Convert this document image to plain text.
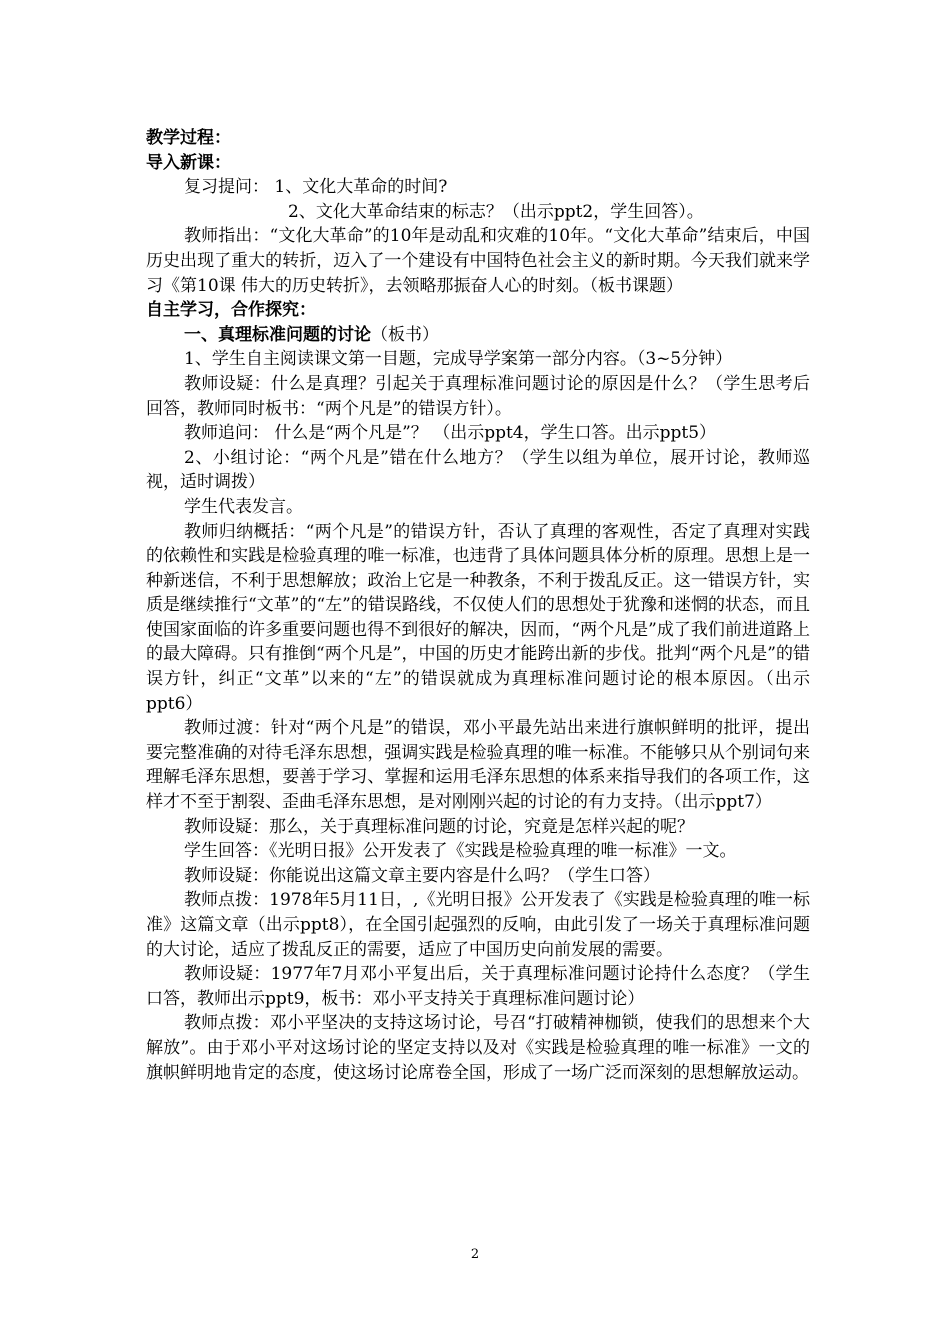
教学过程：

导入新课：

复习提问： 1、文化大革命的时间?

2、文化大革命结束的标志？（出示ppt2，学生回答）。

教师指出：“文化大革命”的10年是动乱和灾难的10年。“文化大革命”结束后，中国历史出现了重大的转折，迈入了一个建设有中国特色社会主义的新时期。今天我们就来学习《第10课 伟大的历史转折》，去领略那振奋人心的时刻。（板书课题）

自主学习，合作探究：

一、真理标准问题的讨论（板书）

1、学生自主阅读课文第一目题，完成导学案第一部分内容。（3~5分钟）

教师设疑：什么是真理？引起关于真理标准问题讨论的原因是什么？（学生思考后回答，教师同时板书：“两个凡是”的错误方针）。

教师追问： 什么是“两个凡是”？ （出示ppt4，学生口答。出示ppt5）

2、小组讨论：“两个凡是”错在什么地方？（学生以组为单位，展开讨论，教师巡视，适时调拨）

学生代表发言。

教师归纳概括：“两个凡是”的错误方针，否认了真理的客观性，否定了真理对实践的依赖性和实践是检验真理的唯一标准，也违背了具体问题具体分析的原理。思想上是一种新迷信，不利于思想解放；政治上它是一种教条，不利于拨乱反正。这一错误方针，实质是继续推行“文革”的“左”的错误路线，不仅使人们的思想处于犹豫和迷惘的状态，而且使国家面临的许多重要问题也得不到很好的解决，因而，“两个凡是”成了我们前进道路上的最大障碍。只有推倒“两个凡是”，中国的历史才能跨出新的步伐。批判“两个凡是”的错误方针，纠正“文革”以来的“左”的错误就成为真理标准问题讨论的根本原因。（出示ppt6）

教师过渡：针对“两个凡是”的错误，邓小平最先站出来进行旗帜鲜明的批评，提出要完整准确的对待毛泽东思想，强调实践是检验真理的唯一标准。不能够只从个别词句来理解毛泽东思想，要善于学习、掌握和运用毛泽东思想的体系来指导我们的各项工作，这样才不至于割裂、歪曲毛泽东思想，是对刚刚兴起的讨论的有力支持。（出示ppt7）

教师设疑：那么，关于真理标准问题的讨论，究竟是怎样兴起的呢？

学生回答：《光明日报》公开发表了《实践是检验真理的唯一标准》一文。

教师设疑：你能说出这篇文章主要内容是什么吗？（学生口答）

教师点拨：1978年5月11日，,《光明日报》公开发表了《实践是检验真理的唯一标准》这篇文章（出示ppt8），在全国引起强烈的反响，由此引发了一场关于真理标准问题的大讨论，适应了拨乱反正的需要，适应了中国历史向前发展的需要。

教师设疑：1977年7月邓小平复出后，关于真理标准问题讨论持什么态度？（学生口答，教师出示ppt9，板书：邓小平支持关于真理标准问题讨论）

教师点拨：邓小平坚决的支持这场讨论，号召“打破精神枷锁，使我们的思想来个大解放”。由于邓小平对这场讨论的坚定支持以及对《实践是检验真理的唯一标准》一文的旗帜鲜明地肯定的态度，使这场讨论席卷全国，形成了一场广泛而深刻的思想解放运动。

2
